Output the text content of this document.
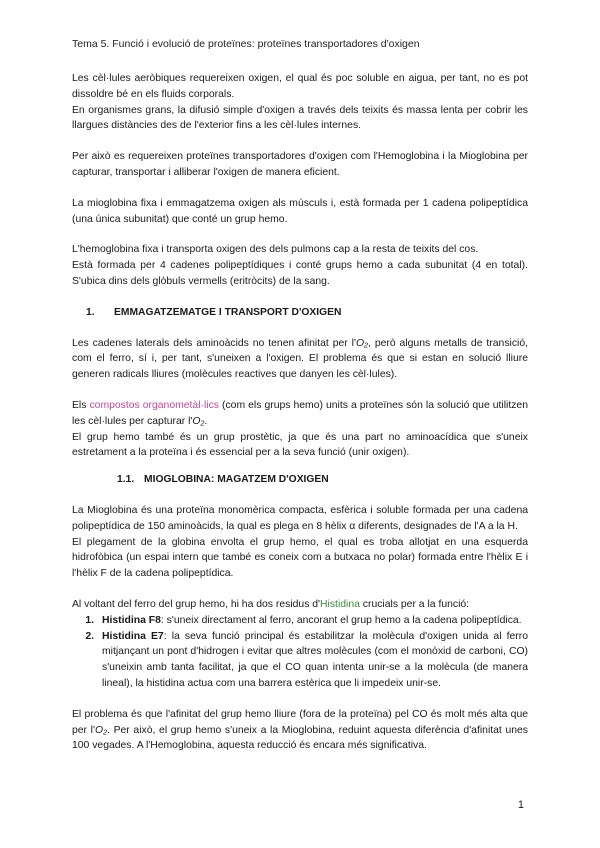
Tema 5. Funció i evolució de proteïnes: proteïnes transportadores d'oxigen

Les cèl·lules aeròbiques requereixen oxigen, el qual és poc soluble en aigua, per tant, no es pot dissoldre bé en els fluids corporals.

En organismes grans, la difusió simple d'oxigen a través dels teixits és massa lenta per cobrir les llargues distàncies des de l'exterior fins a les cèl·lules internes.

Per això es requereixen proteïnes transportadores d'oxigen com l'Hemoglobina i la Mioglobina per capturar, transportar i alliberar l'oxigen de manera eficient.

La mioglobina fixa i emmagatzema oxigen als músculs i, està formada per 1 cadena polipeptídica (una única subunitat) que conté un grup hemo.

L'hemoglobina fixa i transporta oxigen des dels pulmons cap a la resta de teixits del cos.

Està formada per 4 cadenes polipeptídiques i conté grups hemo a cada subunitat (4 en total). S'ubica dins dels glòbuls vermells (eritròcits) de la sang.

1.	EMMAGATZEMATGE I TRANSPORT D'OXIGEN

Les cadenes laterals dels aminoàcids no tenen afinitat per l'O₂, però alguns metalls de transició, com el ferro, sí i, per tant, s'uneixen a l'oxigen. El problema és que si estan en solució lliure generen radicals lliures (molècules reactives que danyen les cèl·lules).

Els compostos organometàl·lics (com els grups hemo) units a proteïnes són la solució que utilitzen les cèl·lules per capturar l'O₂.

El grup hemo també és un grup prostètic, ja que és una part no aminoacídica que s'uneix estretament a la proteïna i és essencial per a la seva funció (unir oxigen).

1.1. MIOGLOBINA: MAGATZEM D'OXIGEN

La Mioglobina és una proteïna monomèrica compacta, esfèrica i soluble formada per una cadena polipeptídica de 150 aminoàcids, la qual es plega en 8 hèlix α diferents, designades de l'A a la H.

El plegament de la globina envolta el grup hemo, el qual es troba allotjat en una esquerda hidrofòbica (un espai intern que també es coneix com a butxaca no polar) formada entre l'hèlix E i l'hèlix F de la cadena polipeptídica.

Al voltant del ferro del grup hemo, hi ha dos residus d'Histidina crucials per a la funció:

1. Histidina F8: s'uneix directament al ferro, ancorant el grup hemo a la cadena polipeptídica.
2. Histidina E7: la seva funció principal és estabilitzar la molècula d'oxigen unida al ferro mitjançant un pont d'hidrogen i evitar que altres molècules (com el monòxid de carboni, CO) s'uneixin amb tanta facilitat, ja que el CO quan intenta unir-se a la molècula (de manera lineal), la histidina actua com una barrera estèrica que li impedeix unir-se.

El problema és que l'afinitat del grup hemo lliure (fora de la proteïna) pel CO és molt més alta que per l'O₂. Per això, el grup hemo s'uneix a la Mioglobina, reduint aquesta diferència d'afinitat unes 100 vegades. A l'Hemoglobina, aquesta reducció és encara més significativa.

1
